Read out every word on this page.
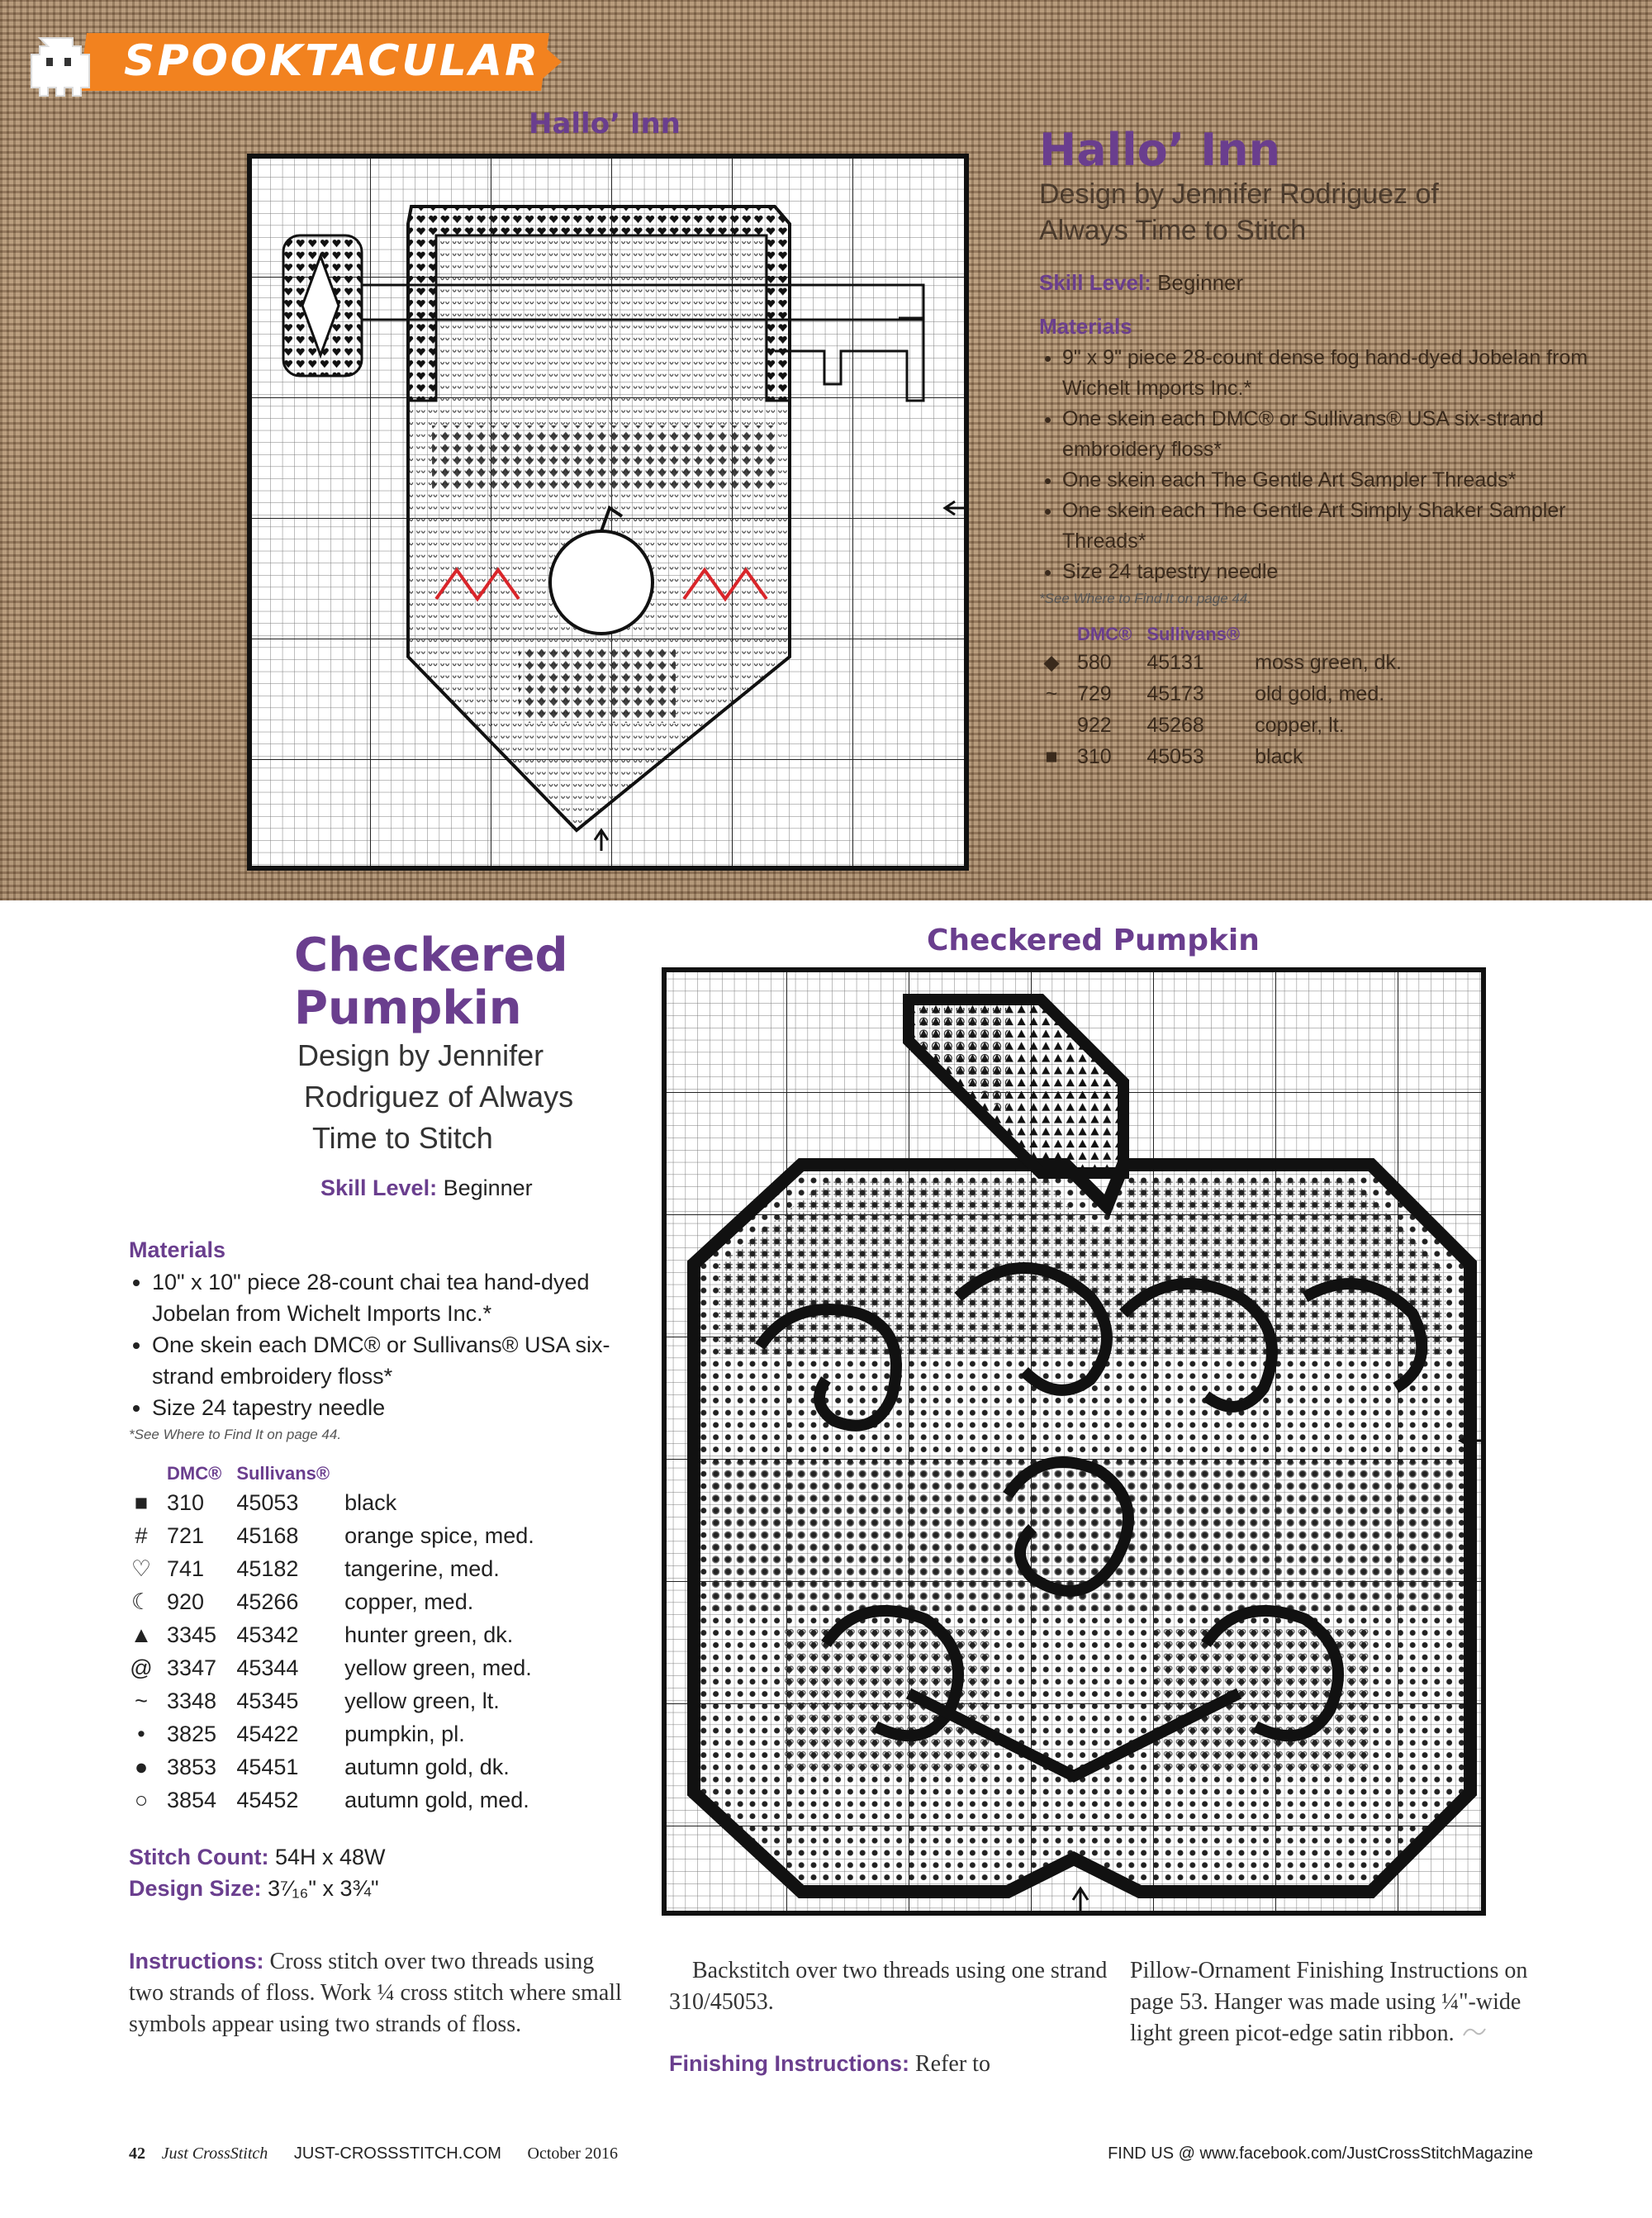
SPOOKTACULAR
Hallo’ Inn	Hallo’ Inn
Design by Jennifer Rodriguez of
Always Time to Stitch
Skill Level: Beginner
Materials
• 9" x 9" piece 28-count dense fog hand-dyed Jobelan from Wichelt Imports Inc.*
• One skein each DMC® or Sullivans® USA six-strand embroidery floss*
• One skein each The Gentle Art Sampler Threads*
• One skein each The Gentle Art Simply Shaker Sampler Threads*
• Size 24 tapestry needle
*See Where to Find It on page 44.
	DMC®	Sullivans®	
◆	580	45131	moss green, dk.
~	729	45173	old gold, med.
	922	45268	copper, lt.
■	310	45053	black
Checkered Pumpkin
Checkered
Pumpkin
Design by Jennifer
Rodriguez of Always
Time to Stitch
Skill Level: Beginner
Materials
• 10" x 10" piece 28-count chai tea hand-dyed Jobelan from Wichelt Imports Inc.*
• One skein each DMC® or Sullivans® USA six-strand embroidery floss*
• Size 24 tapestry needle
*See Where to Find It on page 44.
	DMC®	Sullivans®	
■	310	45053	black
#	721	45168	orange spice, med.
♡	741	45182	tangerine, med.
☾	920	45266	copper, med.
▲	3345	45342	hunter green, dk.
@	3347	45344	yellow green, med.
~	3348	45345	yellow green, lt.
•	3825	45422	pumpkin, pl.
●	3853	45451	autumn gold, dk.
○	3854	45452	autumn gold, med.
Stitch Count: 54H x 48W
Design Size: 3⁷⁄₁₆" x 3¾"
Instructions: Cross stitch over two threads using two strands of floss. Work ¼ cross stitch where small symbols appear using two strands of floss.
Backstitch over two threads using one strand 310/45053.
Finishing Instructions: Refer to
Pillow-Ornament Finishing Instructions on page 53. Hanger was made using ¼"-wide light green picot-edge satin ribbon.
42 Just CrossStitch JUST-CROSSSTITCH.COM October 2016	FIND US @ www.facebook.com/JustCrossStitchMagazine
